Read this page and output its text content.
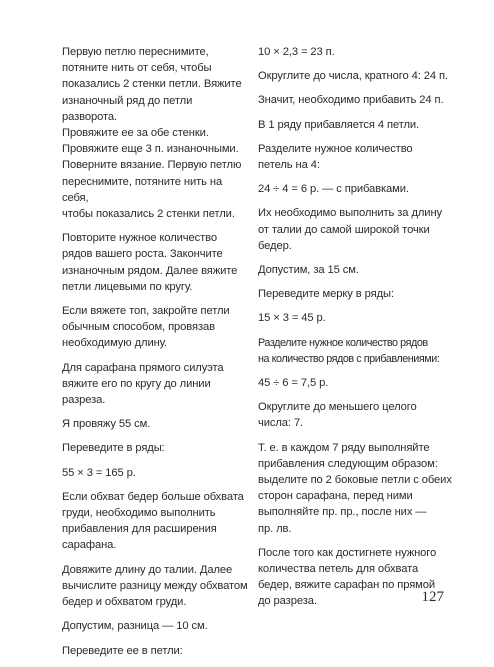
Первую петлю переснимите,
потяните нить от себя, чтобы
показались 2 стенки петли. Вяжите
изнаночный ряд до петли разворота.
Провяжите ее за обе стенки.
Провяжите еще 3 п. изнаночными.
Поверните вязание. Первую петлю
переснимите, потяните нить на себя,
чтобы показались 2 стенки петли.

Повторите нужное количество
рядов вашего роста. Закончите
изнаночным рядом. Далее вяжите
петли лицевыми по кругу.

Если вяжете топ, закройте петли
обычным способом, провязав
необходимую длину.

Для сарафана прямого силуэта
вяжите его по кругу до линии разреза.

Я провяжу 55 см.

Переведите в ряды:

55 × 3 = 165 р.

Если обхват бедер больше обхвата
груди, необходимо выполнить
прибавления для расширения
сарафана.

Довяжите длину до талии. Далее
вычислите разницу между обхватом
бедер и обхватом груди.

Допустим, разница — 10 см.

Переведите ее в петли:

10 × 2,3 = 23 п.

Округлите до числа, кратного 4: 24 п.

Значит, необходимо прибавить 24 п.

В 1 ряду прибавляется 4 петли.

Разделите нужное количество
петель на 4:

24 ÷ 4 = 6 р. — с прибавками.

Их необходимо выполнить за длину
от талии до самой широкой точки
бедер.

Допустим, за 15 см.

Переведите мерку в ряды:

15 × 3 = 45 р.

Разделите нужное количество рядов
на количество рядов с прибавлениями:

45 ÷ 6 = 7,5 р.

Округлите до меньшего целого
числа: 7.

Т. е. в каждом 7 ряду выполняйте
прибавления следующим образом:
выделите по 2 боковые петли с обеих
сторон сарафана, перед ними
выполняйте пр. пр., после них —
пр. лв.

После того как достигнете нужного
количества петель для обхвата
бедер, вяжите сарафан по прямой
до разреза.	127
